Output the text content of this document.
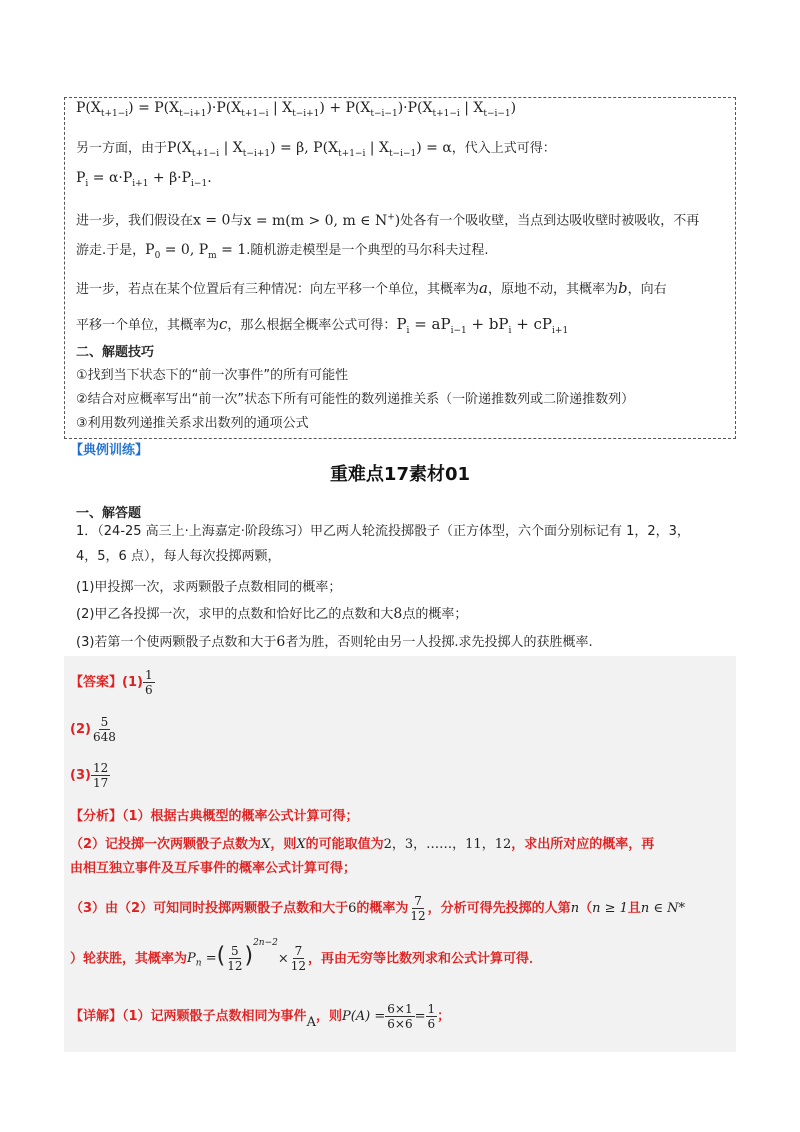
$P(X_{t+1-i}) = P(X_{t-i+1})\cdot P(X_{t+1-i}$ | $X_{t-i+1}) + P(X_{t-i-1})\cdot P(X_{t+1-i}$ | $X_{t-i-1}$)
另一方面，由于$P(X_{t+1-i}$ | $X_{t-i+1}) = \beta$, $P(X_{t+1-i}$ | $X_{t-i-1}) = \alpha$，代入上式可得：
$P_i = \alpha\cdot P_{i+1} + \beta\cdot P_{i-1}$.
进一步，我们假设在x = 0与x = m(m > 0, m ∈ N+)处各有一个吸收壁，当点到达吸收壁时被吸收，不再
游走.于是，$P_0 = 0$, $P_m = 1$.随机游走模型是一个典型的马尔科夫过程.
进一步，若点在某个位置后有三种情况：向左平移一个单位，其概率为a，原地不动，其概率为b，向右
平移一个单位，其概率为c，那么根据全概率公式可得：$P_i = aP_{i-1} + bP_i + cP_{i+1}$
二、解题技巧
①找到当下状态下的“前一次事件”的所有可能性
②结合对应概率写出“前一次”状态下所有可能性的数列递推关系（一阶递推数列或二阶递推数列）
③利用数列递推关系求出数列的通项公式
【典例训练】
重难点17素材01
一、解答题
1．（24-25 高三上·上海嘉定·阶段练习）甲乙两人轮流投掷骰子（正方体型，六个面分别标记有 1，2，3，
4，5，6 点），每人每次投掷两颗，
(1)甲投掷一次，求两颗骰子点数相同的概率；
(2)甲乙各投掷一次，求甲的点数和恰好比乙的点数和大8点的概率；
(3)若第一个使两颗骰子点数和大于6者为胜，否则轮由另一人投掷.求先投掷人的获胜概率.
【答案】$(1) \frac{1}{6}$
$(2) \frac{5}{648}$
$(3) \frac{12}{17}$
【分析】（1）根据古典概型的概率公式计算可得；
（2）记投掷一次两颗骰子点数为X，则X的可能取值为2，3，……，11，12，求出所对应的概率，再
由相互独立事件及互斥事件的概率公式计算可得；
（3）由（2）可知同时投掷两颗骰子点数和大于6的概率为 $\frac{7}{12}$ ，分析可得先投掷的人第n（n ≥ 1且n ∈ N*
）轮获胜，其概率为$P_n$ =( $\frac{5}{12} )^{2n-2}\times \frac{7}{12}$ ，再由无穷等比数列求和公式计算可得．
【详解】（1）记两颗骰子点数相同为事件A，则$P(A) = \frac{6\times 1}{6\times 6} = \frac{1}{6}$ ；
